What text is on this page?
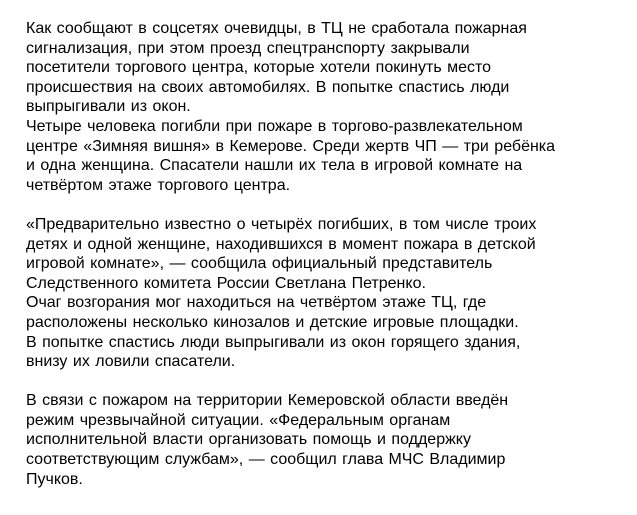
Как сообщают в соцсетях очевидцы, в ТЦ не сработала пожарная
сигнализация, при этом проезд спецтранспорту закрывали
посетители торгового центра, которые хотели покинуть место
происшествия на своих автомобилях. В попытке спастись люди
выпрыгивали из окон.
Четыре человека погибли при пожаре в торгово-развлекательном
центре «Зимняя вишня» в Кемерове. Среди жертв ЧП — три ребёнка
и одна женщина. Спасатели нашли их тела в игровой комнате на
четвёртом этаже торгового центра.
«Предварительно известно о четырёх погибших, в том числе троих
детях и одной женщине, находившихся в момент пожара в детской
игровой комнате», — сообщила официальный представитель
Следственного комитета России Светлана Петренко.
Очаг возгорания мог находиться на четвёртом этаже ТЦ, где
расположены несколько кинозалов и детские игровые площадки.
В попытке спастись люди выпрыгивали из окон горящего здания,
внизу их ловили спасатели.
В связи с пожаром на территории Кемеровской области введён
режим чрезвычайной ситуации. «Федеральным органам
исполнительной власти организовать помощь и поддержку
соответствующим службам», — сообщил глава МЧС Владимир
Пучков.
